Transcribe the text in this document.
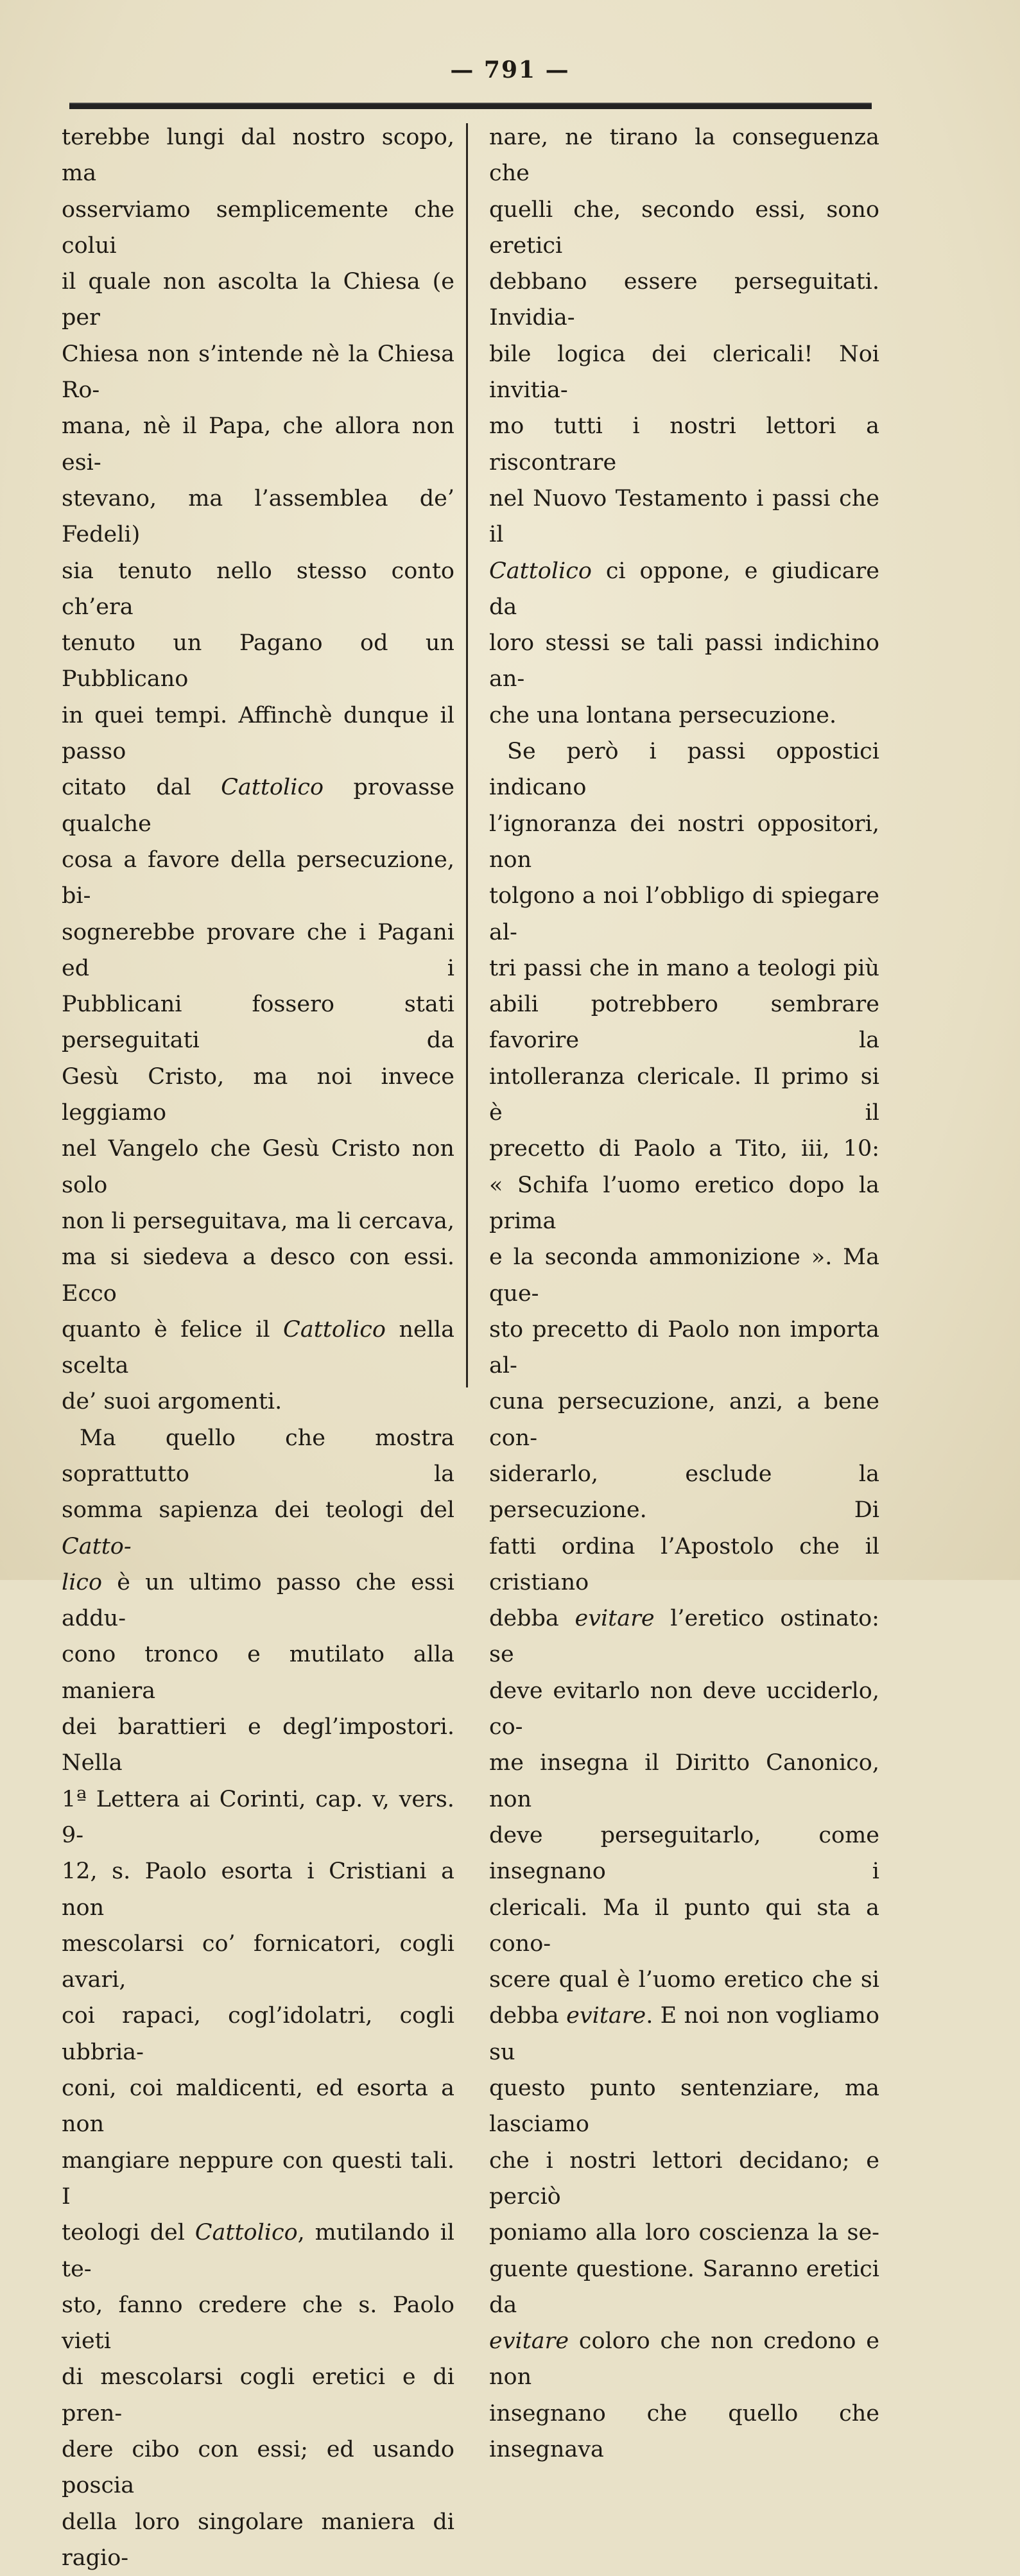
— 791 —
terebbe lungi dal nostro scopo, ma
osserviamo semplicemente che colui
il quale non ascolta la Chiesa (e per
Chiesa non s’intende nè la Chiesa Ro-
mana, nè il Papa, che allora non esi-
stevano, ma l’assemblea de’ Fedeli)
sia tenuto nello stesso conto ch’era
tenuto un Pagano od un Pubblicano
in quei tempi. Affinchè dunque il passo
citato dal Cattolico provasse qualche
cosa a favore della persecuzione, bi-
sognerebbe provare che i Pagani ed	i
Pubblicani	fossero	stati perseguitati	da
Gesù Cristo, ma noi invece leggiamo
nel Vangelo che Gesù Cristo non solo
non li perseguitava, ma li cercava,
ma si siedeva a desco con essi. Ecco
quanto è felice il Cattolico nella scelta
de’ suoi argomenti.
Ma quello che mostra soprattutto	la
somma sapienza dei teologi del Catto-
lico è un ultimo passo che essi addu-
cono tronco e mutilato alla maniera
dei barattieri e degl’impostori. Nella
1ª Lettera ai Corinti, cap. v, vers. 9-
12, s. Paolo esorta i Cristiani a non
mescolarsi co’ fornicatori, cogli avari,
coi rapaci, cogl’idolatri, cogli ubbria-
coni, coi maldicenti, ed esorta a non
mangiare neppure con questi tali. I
teologi del Cattolico, mutilando il te-
sto, fanno credere che s. Paolo vieti
di mescolarsi cogli eretici e di pren-
dere cibo con essi; ed usando poscia
della loro singolare maniera di ragio-
nare, ne tirano la conseguenza che
quelli che, secondo essi, sono eretici
debbano essere perseguitati. Invidia-
bile logica dei clericali! Noi invitia-
mo tutti i nostri lettori a riscontrare
nel Nuovo Testamento i passi che il
Cattolico ci oppone, e giudicare da
loro stessi se tali passi indichino an-
che una lontana persecuzione.
Se però i passi oppostici indicano
l’ignoranza dei nostri oppositori, non
tolgono a noi l’obbligo di spiegare al-
tri passi che in mano a teologi più
abili potrebbero sembrare favorire	la
intolleranza clericale. Il primo si è	il
precetto di Paolo a Tito, iii, 10:
« Schifa l’uomo eretico dopo la prima
e la seconda ammonizione ». Ma que-
sto precetto di Paolo non importa al-
cuna persecuzione, anzi, a bene con-
siderarlo,	esclude	la persecuzione.	Di
fatti ordina l’Apostolo che il cristiano
debba evitare l’eretico ostinato: se
deve evitarlo non deve ucciderlo, co-
me insegna il Diritto Canonico, non
deve	perseguitarlo,	come insegnano	i
clericali. Ma il punto qui sta a cono-
scere qual è l’uomo eretico che si
debba evitare. E noi non vogliamo su
questo punto sentenziare, ma lasciamo
che i nostri lettori decidano; e perciò
poniamo alla loro coscienza la se-
guente questione. Saranno eretici da
evitare coloro che non credono e non
insegnano che quello che insegnava
